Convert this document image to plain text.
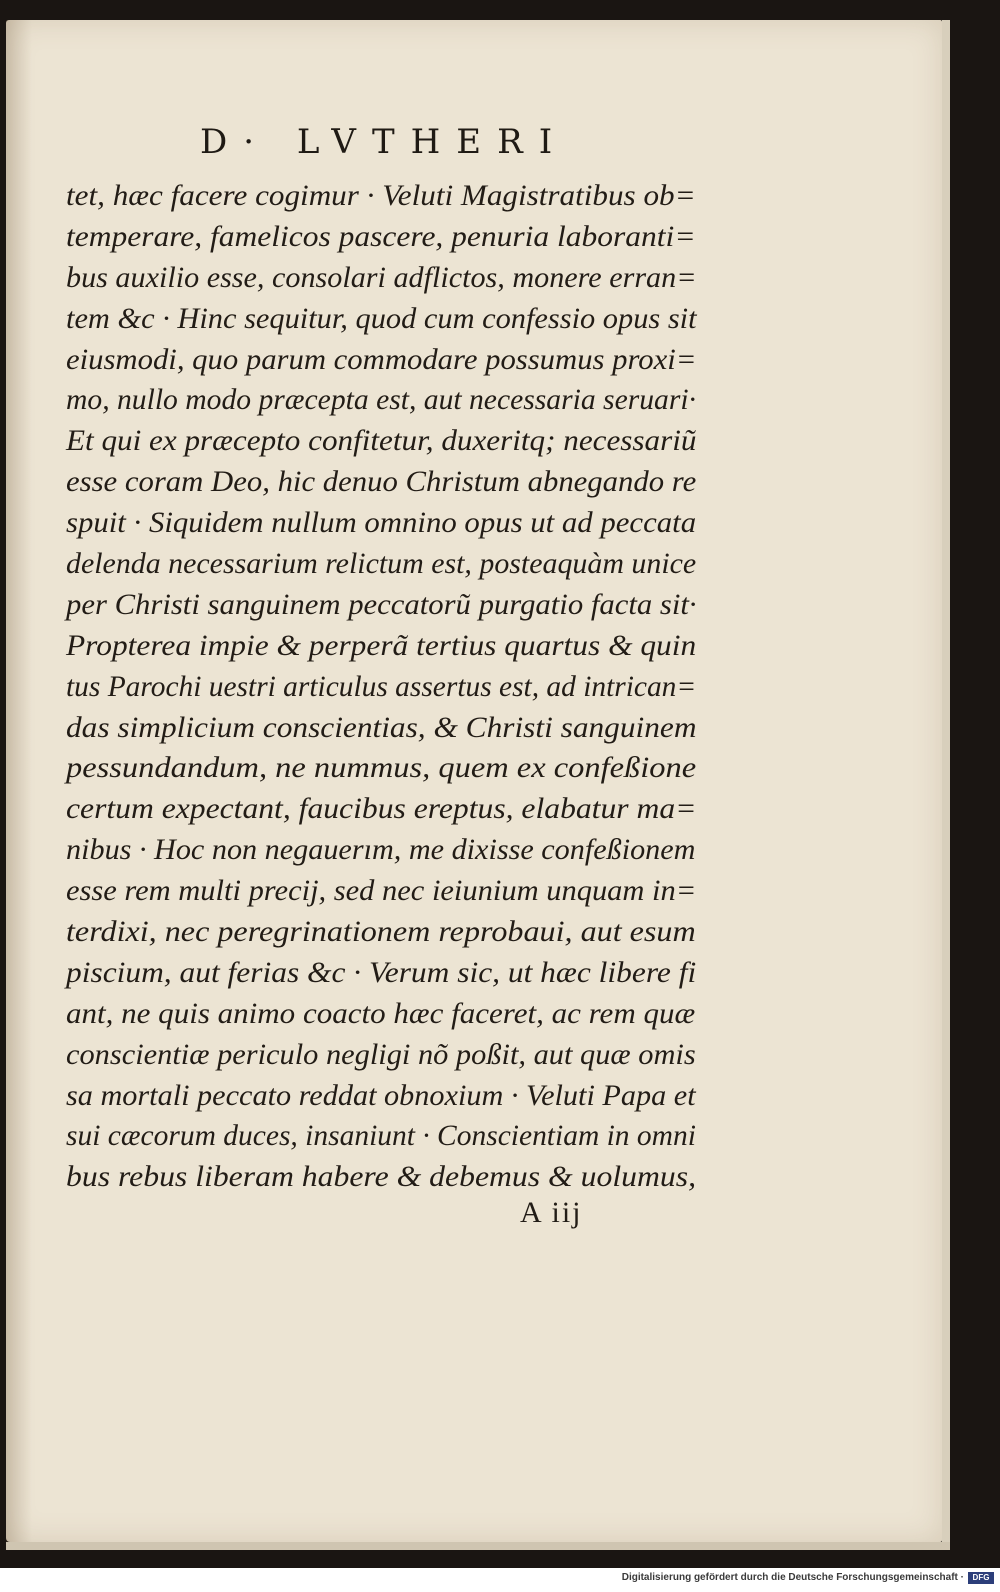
D· LVTHERI
tet, hæc facere cogimur · Veluti Magistratibus ob=
temperare, famelicos pascere, penuria laboranti=
bus auxilio esse, consolari adflictos, monere erran=
tem &c · Hinc sequitur, quod cum confessio opus sit
eiusmodi, quo parum commodare possumus proxi=
mo, nullo modo præcepta est, aut necessaria seruari·
Et qui ex præcepto confitetur, duxeritq; necessariũ
esse coram Deo, hic denuo Christum abnegando re
spuit · Siquidem nullum omnino opus ut ad peccata
delenda necessarium relictum est, posteaquàm unice
per Christi sanguinem peccatorũ purgatio facta sit·
Propterea impie & perperã tertius quartus & quin
tus Parochi uestri articulus assertus est, ad intrican=
das simplicium conscientias, & Christi sanguinem
pessundandum, ne nummus, quem ex confeßione
certum expectant, faucibus ereptus, elabatur ma=
nibus · Hoc non negauerım, me dixisse confeßionem
esse rem multi precij, sed nec ieiunium unquam in=
terdixi, nec peregrinationem reprobaui, aut esum
piscium, aut ferias &c · Verum sic, ut hæc libere fi
ant, ne quis animo coacto hæc faceret, ac rem quæ
conscientiæ periculo negligi nõ poßit, aut quæ omis
sa mortali peccato reddat obnoxium · Veluti Papa et
sui cæcorum duces, insaniunt · Conscientiam in omni
bus rebus liberam habere & debemus & uolumus,
A iij
Digitalisierung gefördert durch die Deutsche Forschungsgemeinschaft ·	DFG
